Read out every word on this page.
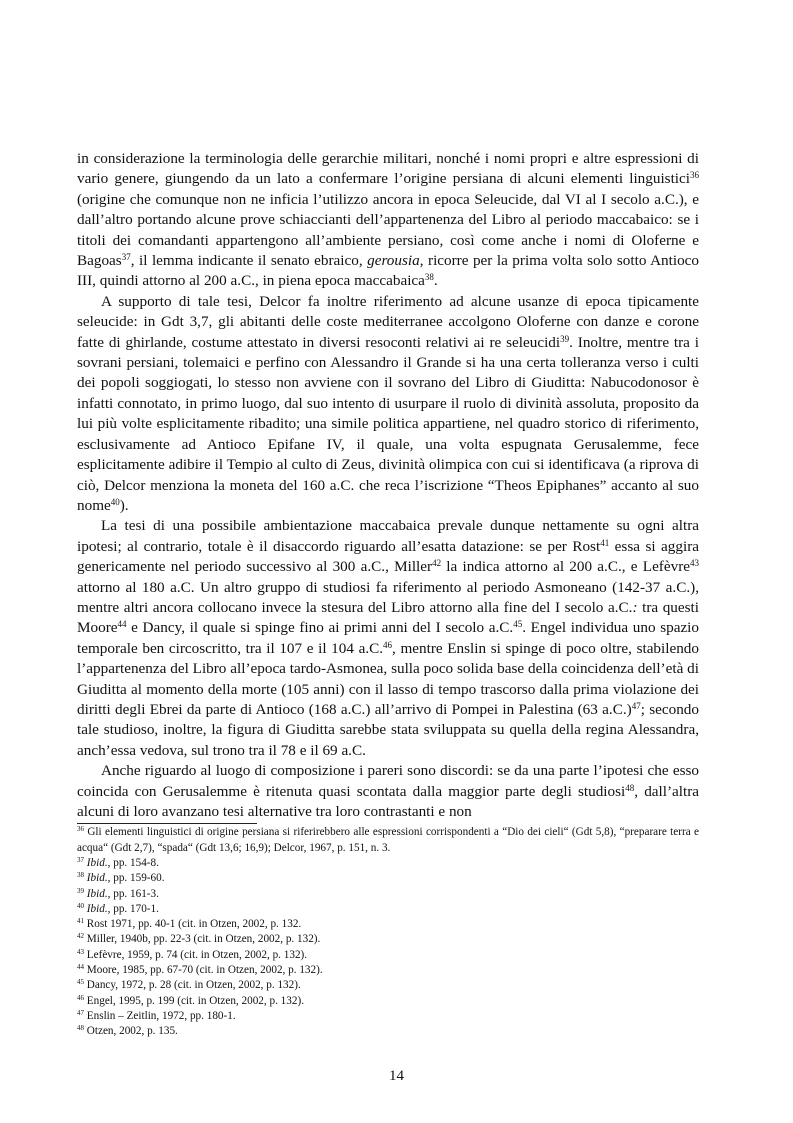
in considerazione la terminologia delle gerarchie militari, nonché i nomi propri e altre espressioni di vario genere, giungendo da un lato a confermare l’origine persiana di alcuni elementi linguistici$^{36}$ (origine che comunque non ne inficia l’utilizzo ancora in epoca Seleucide, dal VI al I secolo a.C.), e dall’altro portando alcune prove schiaccianti dell’appartenenza del Libro al periodo maccabaico: se i titoli dei comandanti appartengono all’ambiente persiano, così come anche i nomi di Oloferne e Bagoas$^{37}$, il lemma indicante il senato ebraico, gerousia, ricorre per la prima volta solo sotto Antioco III, quindi attorno al 200 a.C., in piena epoca maccabaica$^{38}$.

A supporto di tale tesi, Delcor fa inoltre riferimento ad alcune usanze di epoca tipicamente seleucide: in Gdt 3,7, gli abitanti delle coste mediterranee accolgono Oloferne con danze e corone fatte di ghirlande, costume attestato in diversi resoconti relativi ai re seleucidi$^{39}$. Inoltre, mentre tra i sovrani persiani, tolemaici e perfino con Alessandro il Grande si ha una certa tolleranza verso i culti dei popoli soggiogati, lo stesso non avviene con il sovrano del Libro di Giuditta: Nabucodonosor è infatti connotato, in primo luogo, dal suo intento di usurpare il ruolo di divinità assoluta, proposito da lui più volte esplicitamente ribadito; una simile politica appartiene, nel quadro storico di riferimento, esclusivamente ad Antioco Epifane IV, il quale, una volta espugnata Gerusalemme, fece esplicitamente adibire il Tempio al culto di Zeus, divinità olimpica con cui si identificava (a riprova di ciò, Delcor menziona la moneta del 160 a.C. che reca l’iscrizione “Theos Epiphanes” accanto al suo nome$^{40}$).

La tesi di una possibile ambientazione maccabaica prevale dunque nettamente su ogni altra ipotesi; al contrario, totale è il disaccordo riguardo all’esatta datazione: se per Rost$^{41}$ essa si aggira genericamente nel periodo successivo al 300 a.C., Miller$^{42}$ la indica attorno al 200 a.C., e Lefèvre$^{43}$ attorno al 180 a.C. Un altro gruppo di studiosi fa riferimento al periodo Asmoneano (142-37 a.C.), mentre altri ancora collocano invece la stesura del Libro attorno alla fine del I secolo a.C.: tra questi Moore$^{44}$ e Dancy, il quale si spinge fino ai primi anni del I secolo a.C.$^{45}$. Engel individua uno spazio temporale ben circoscritto, tra il 107 e il 104 a.C.$^{46}$, mentre Enslin si spinge di poco oltre, stabilendo l’appartenenza del Libro all’epoca tardo-Asmonea, sulla poco solida base della coincidenza dell’età di Giuditta al momento della morte (105 anni) con il lasso di tempo trascorso dalla prima violazione dei diritti degli Ebrei da parte di Antioco (168 a.C.) all’arrivo di Pompei in Palestina (63 a.C.)$^{47}$; secondo tale studioso, inoltre, la figura di Giuditta sarebbe stata sviluppata su quella della regina Alessandra, anch’essa vedova, sul trono tra il 78 e il 69 a.C.

Anche riguardo al luogo di composizione i pareri sono discordi: se da una parte l’ipotesi che esso coincida con Gerusalemme è ritenuta quasi scontata dalla maggior parte degli studiosi$^{48}$, dall’altra alcuni di loro avanzano tesi alternative tra loro contrastanti e non

$^{36}$ Gli elementi linguistici di origine persiana si riferirebbero alle espressioni corrispondenti a “Dio dei cieli“ (Gdt 5,8), “preparare terra e acqua“ (Gdt 2,7), “spada“ (Gdt 13,6; 16,9); Delcor, 1967, p. 151, n. 3.

$^{37}$ Ibid., pp. 154-8.

$^{38}$ Ibid., pp. 159-60.

$^{39}$ Ibid., pp. 161-3.

$^{40}$ Ibid., pp. 170-1.

$^{41}$ Rost 1971, pp. 40-1 (cit. in Otzen, 2002, p. 132.

$^{42}$ Miller, 1940b, pp. 22-3 (cit. in Otzen, 2002, p. 132).

$^{43}$ Lefèvre, 1959, p. 74 (cit. in Otzen, 2002, p. 132).

$^{44}$ Moore, 1985, pp. 67-70 (cit. in Otzen, 2002, p. 132).

$^{45}$ Dancy, 1972, p. 28 (cit. in Otzen, 2002, p. 132).

$^{46}$ Engel, 1995, p. 199 (cit. in Otzen, 2002, p. 132).

$^{47}$ Enslin – Zeitlin, 1972, pp. 180-1.

$^{48}$ Otzen, 2002, p. 135.

14
